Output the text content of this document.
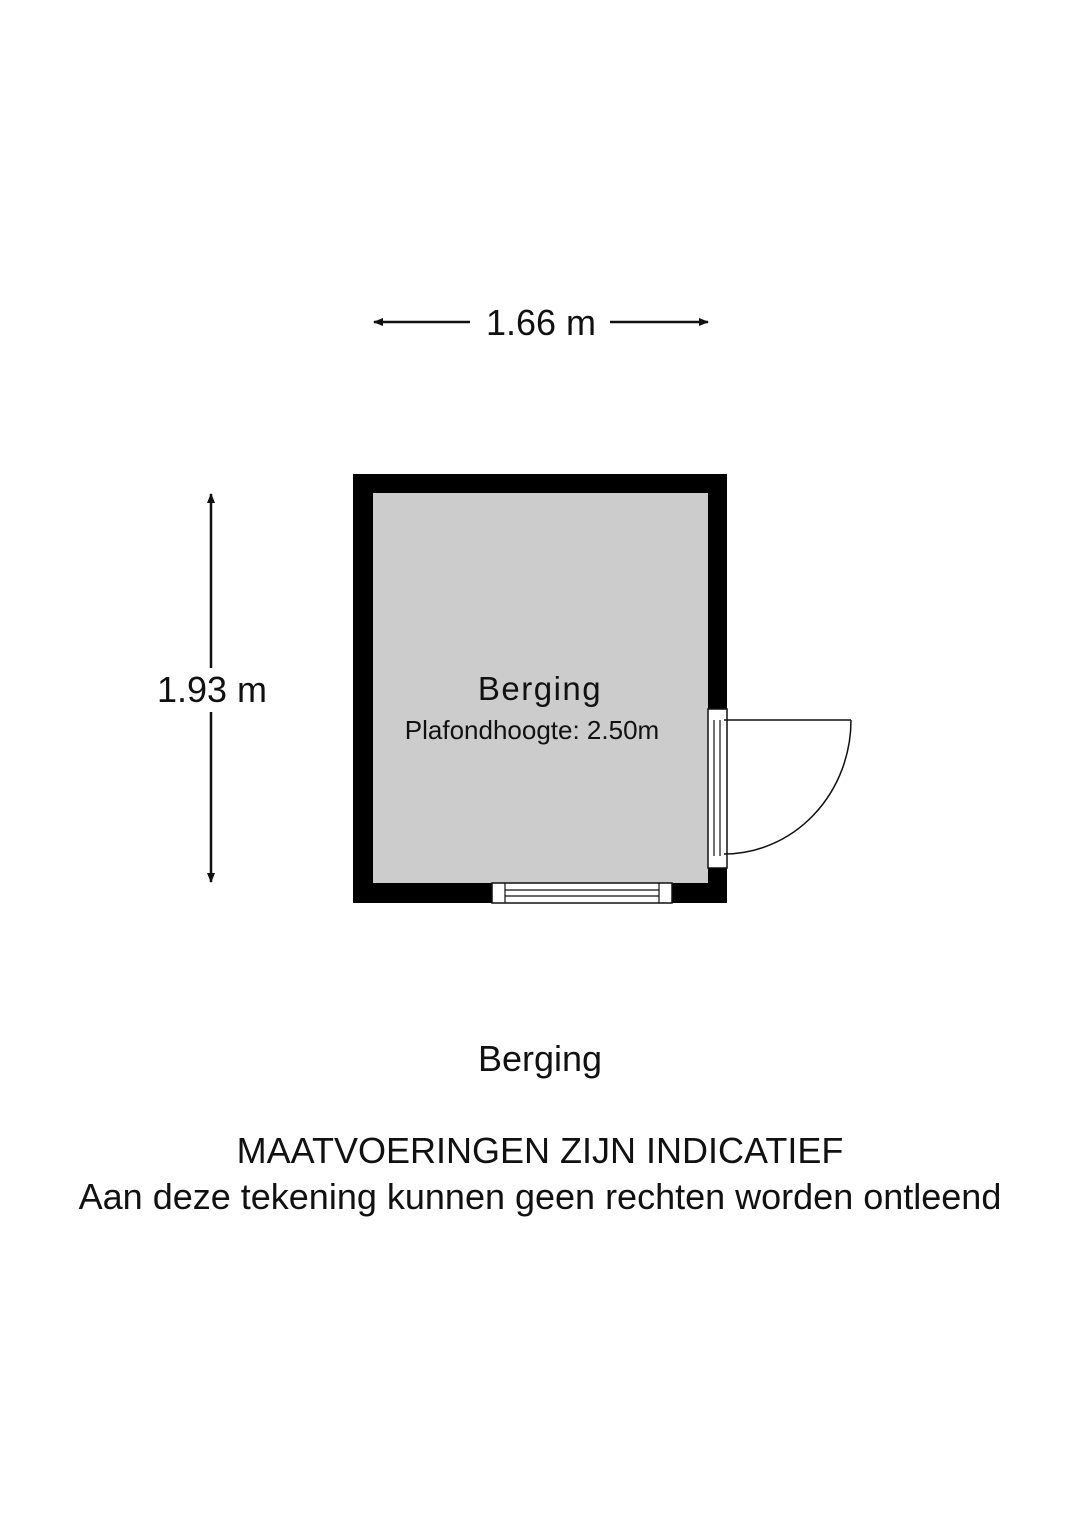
1.66 m
1.93 m	Berging
Plafondhoogte: 2.50m
Berging
MAATVOERINGEN ZIJN INDICATIEF
Aan deze tekening kunnen geen rechten worden ontleend
